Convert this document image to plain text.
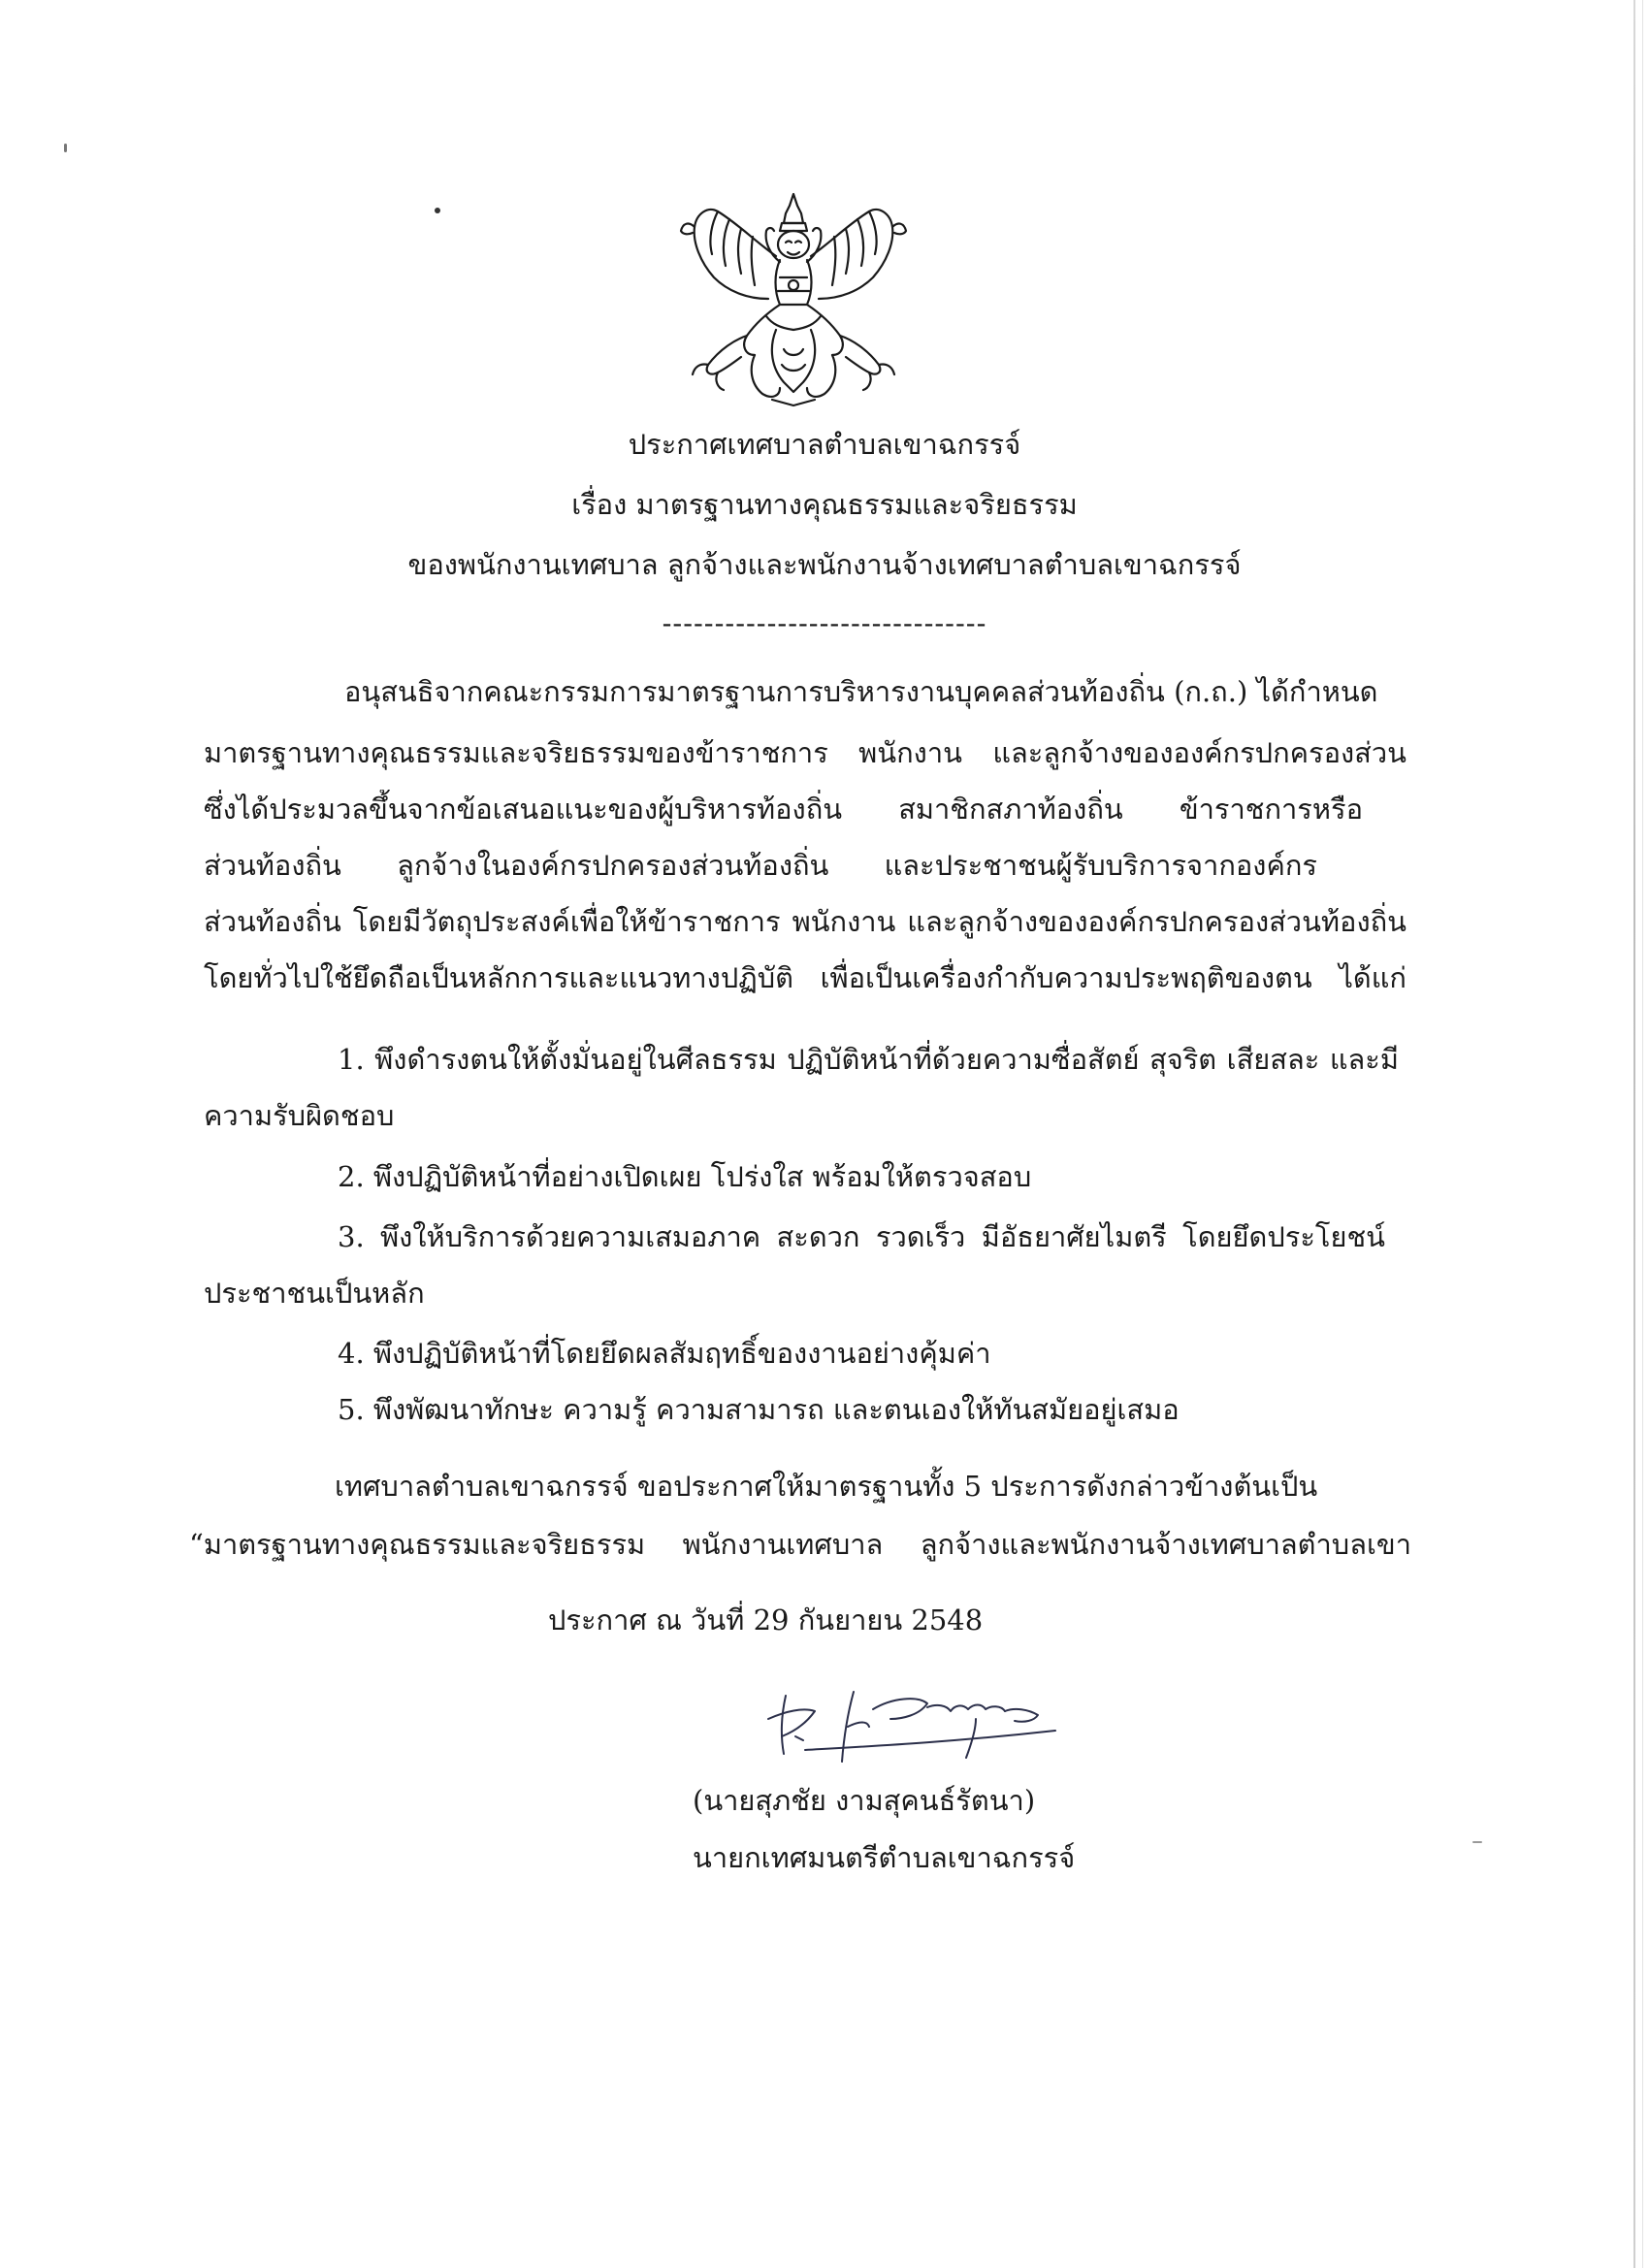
ประกาศเทศบาลตำบลเขาฉกรรจ์
เรื่อง มาตรฐานทางคุณธรรมและจริยธรรม
ของพนักงานเทศบาล ลูกจ้างและพนักงานจ้างเทศบาลตำบลเขาฉกรรจ์
-------------------------------
อนุสนธิจากคณะกรรมการมาตรฐานการบริหารงานบุคคลส่วนท้องถิ่น (ก.ถ.) ได้กำหนด
มาตรฐานทางคุณธรรมและจริยธรรมของข้าราชการ พนักงาน และลูกจ้างขององค์กรปกครองส่วน
ซึ่งได้ประมวลขึ้นจากข้อเสนอแนะของผู้บริหารท้องถิ่น สมาชิกสภาท้องถิ่น ข้าราชการหรือ
ส่วนท้องถิ่น ลูกจ้างในองค์กรปกครองส่วนท้องถิ่น และประชาชนผู้รับบริการจากองค์กร
ส่วนท้องถิ่น โดยมีวัตถุประสงค์เพื่อให้ข้าราชการ พนักงาน และลูกจ้างขององค์กรปกครองส่วนท้องถิ่น
โดยทั่วไปใช้ยึดถือเป็นหลักการและแนวทางปฏิบัติ เพื่อเป็นเครื่องกำกับความประพฤติของตน ได้แก่
1. พึงดำรงตนให้ตั้งมั่นอยู่ในศีลธรรม ปฏิบัติหน้าที่ด้วยความซื่อสัตย์ สุจริต เสียสละ และมี
ความรับผิดชอบ
2. พึงปฏิบัติหน้าที่อย่างเปิดเผย โปร่งใส พร้อมให้ตรวจสอบ
3. พึงให้บริการด้วยความเสมอภาค สะดวก รวดเร็ว มีอัธยาศัยไมตรี โดยยึดประโยชน์
ประชาชนเป็นหลัก
4. พึงปฏิบัติหน้าที่โดยยึดผลสัมฤทธิ์ของงานอย่างคุ้มค่า
5. พึงพัฒนาทักษะ ความรู้ ความสามารถ และตนเองให้ทันสมัยอยู่เสมอ
เทศบาลตำบลเขาฉกรรจ์ ขอประกาศให้มาตรฐานทั้ง 5 ประการดังกล่าวข้างต้นเป็น
“มาตรฐานทางคุณธรรมและจริยธรรม พนักงานเทศบาล ลูกจ้างและพนักงานจ้างเทศบาลตำบลเขา
ประกาศ ณ วันที่ 29 กันยายน 2548
(นายสุภชัย งามสุคนธ์รัตนา)
นายกเทศมนตรีตำบลเขาฉกรรจ์
